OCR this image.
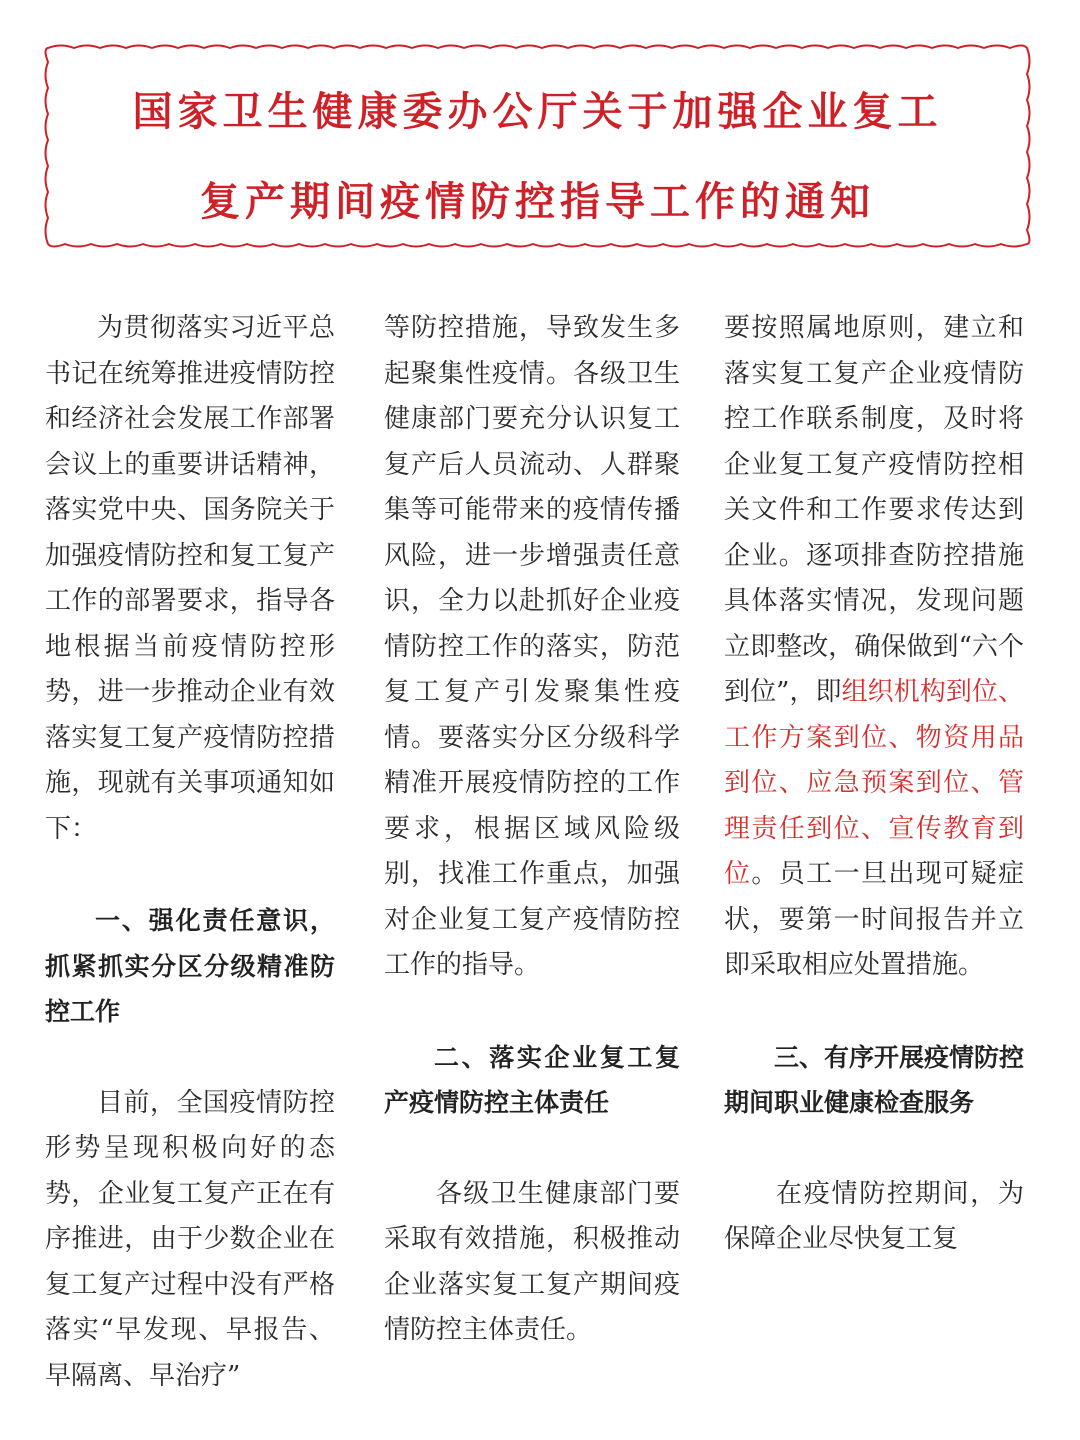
国家卫生健康委办公厅关于加强企业复工
复产期间疫情防控指导工作的通知

为贯彻落实习近平总书记在统筹推进疫情防控和经济社会发展工作部署会议上的重要讲话精神，落实党中央、国务院关于加强疫情防控和复工复产工作的部署要求，指导各地根据当前疫情防控形势，进一步推动企业有效落实复工复产疫情防控措施，现就有关事项通知如下：

一、强化责任意识，抓紧抓实分区分级精准防控工作

目前，全国疫情防控形势呈现积极向好的态势，企业复工复产正在有序推进，由于少数企业在复工复产过程中没有严格落实“早发现、早报告、早隔离、早治疗”

等防控措施，导致发生多起聚集性疫情。各级卫生健康部门要充分认识复工复产后人员流动、人群聚集等可能带来的疫情传播风险，进一步增强责任意识，全力以赴抓好企业疫情防控工作的落实，防范复工复产引发聚集性疫情。要落实分区分级科学精准开展疫情防控的工作要求，根据区域风险级别，找准工作重点，加强对企业复工复产疫情防控工作的指导。

二、落实企业复工复产疫情防控主体责任

各级卫生健康部门要采取有效措施，积极推动企业落实复工复产期间疫情防控主体责任。

要按照属地原则，建立和落实复工复产企业疫情防控工作联系制度，及时将企业复工复产疫情防控相关文件和工作要求传达到企业。逐项排查防控措施具体落实情况，发现问题立即整改，确保做到“六个到位”，即组织机构到位、工作方案到位、物资用品到位、应急预案到位、管理责任到位、宣传教育到位。员工一旦出现可疑症状，要第一时间报告并立即采取相应处置措施。

三、有序开展疫情防控期间职业健康检查服务

在疫情防控期间，为保障企业尽快复工复
